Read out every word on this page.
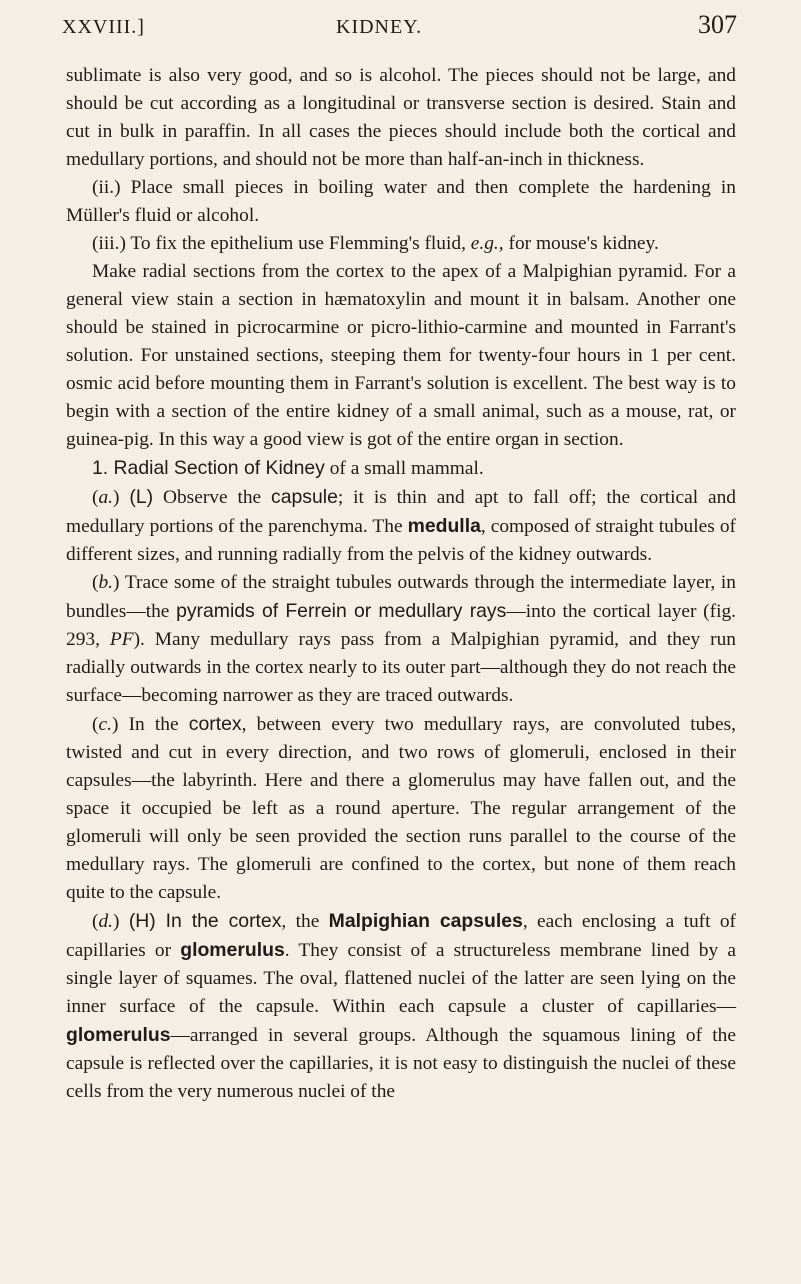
XXVIII.]	KIDNEY.	307

sublimate is also very good, and so is alcohol. The pieces should not be large, and should be cut according as a longitudinal or transverse section is desired. Stain and cut in bulk in paraffin. In all cases the pieces should include both the cortical and medullary portions, and should not be more than half-an-inch in thickness.

(ii.) Place small pieces in boiling water and then complete the hardening in Müller's fluid or alcohol.

(iii.) To fix the epithelium use Flemming's fluid, e.g., for mouse's kidney.

Make radial sections from the cortex to the apex of a Malpighian pyramid. For a general view stain a section in hæmatoxylin and mount it in balsam. Another one should be stained in picrocarmine or picro-lithio-carmine and mounted in Farrant's solution. For unstained sections, steeping them for twenty-four hours in 1 per cent. osmic acid before mounting them in Farrant's solution is excellent. The best way is to begin with a section of the entire kidney of a small animal, such as a mouse, rat, or guinea-pig. In this way a good view is got of the entire organ in section.

1. Radial Section of Kidney of a small mammal.

(a.) (L) Observe the capsule; it is thin and apt to fall off; the cortical and medullary portions of the parenchyma. The medulla, composed of straight tubules of different sizes, and running radially from the pelvis of the kidney outwards.

(b.) Trace some of the straight tubules outwards through the intermediate layer, in bundles—the pyramids of Ferrein or medullary rays—into the cortical layer (fig. 293, PF). Many medullary rays pass from a Malpighian pyramid, and they run radially outwards in the cortex nearly to its outer part—although they do not reach the surface—becoming narrower as they are traced outwards.

(c.) In the cortex, between every two medullary rays, are convoluted tubes, twisted and cut in every direction, and two rows of glomeruli, enclosed in their capsules—the labyrinth. Here and there a glomerulus may have fallen out, and the space it occupied be left as a round aperture. The regular arrangement of the glomeruli will only be seen provided the section runs parallel to the course of the medullary rays. The glomeruli are confined to the cortex, but none of them reach quite to the capsule.

(d.) (H) In the cortex, the Malpighian capsules, each enclosing a tuft of capillaries or glomerulus. They consist of a structureless membrane lined by a single layer of squames. The oval, flattened nuclei of the latter are seen lying on the inner surface of the capsule. Within each capsule a cluster of capillaries—glomerulus—arranged in several groups. Although the squamous lining of the capsule is reflected over the capillaries, it is not easy to distinguish the nuclei of these cells from the very numerous nuclei of the
